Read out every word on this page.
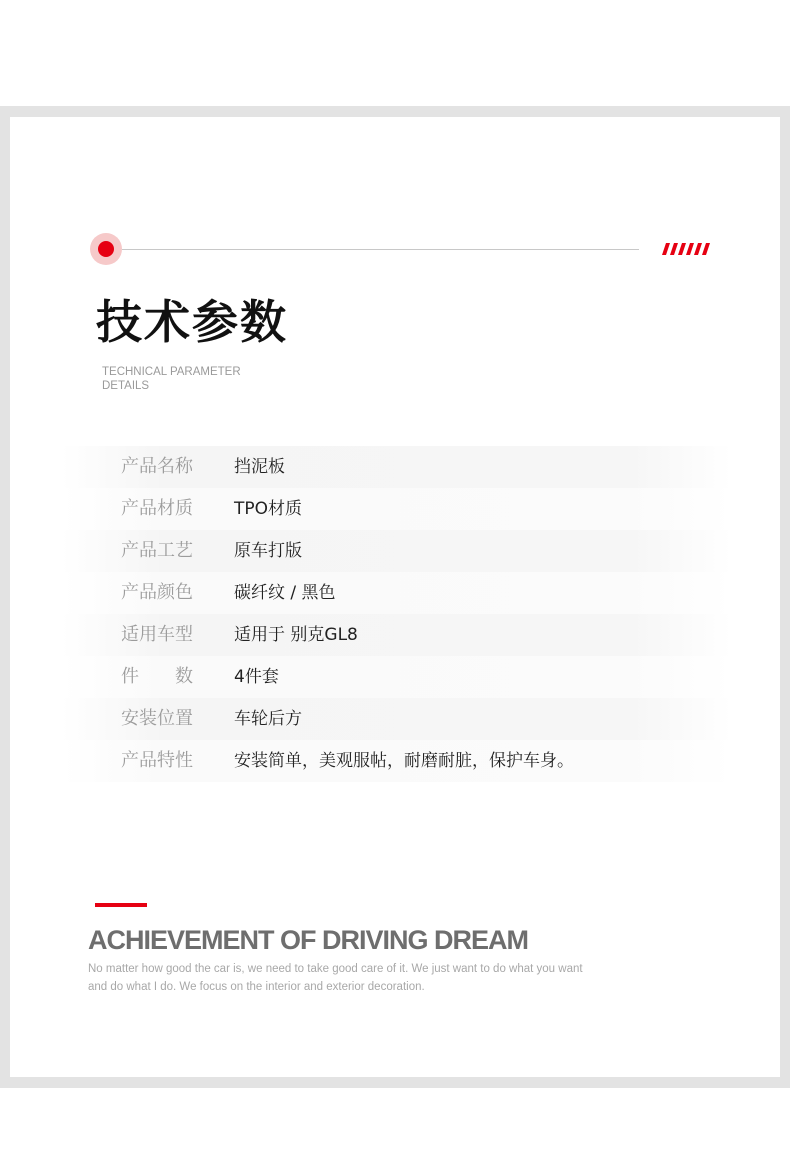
技术参数
TECHNICAL PARAMETER DETAILS
产品名称	挡泥板
产品材质	TPO材质
产品工艺	原车打版
产品颜色	碳纤纹 / 黑色
适用车型	适用于 别克GL8
件　　数	4件套
安装位置	车轮后方
产品特性	安装简单，美观服帖，耐磨耐脏，保护车身。
ACHIEVEMENT OF DRIVING DREAM
No matter how good the car is, we need to take good care of it. We just want to do what you want and do what I do. We focus on the interior and exterior decoration.
